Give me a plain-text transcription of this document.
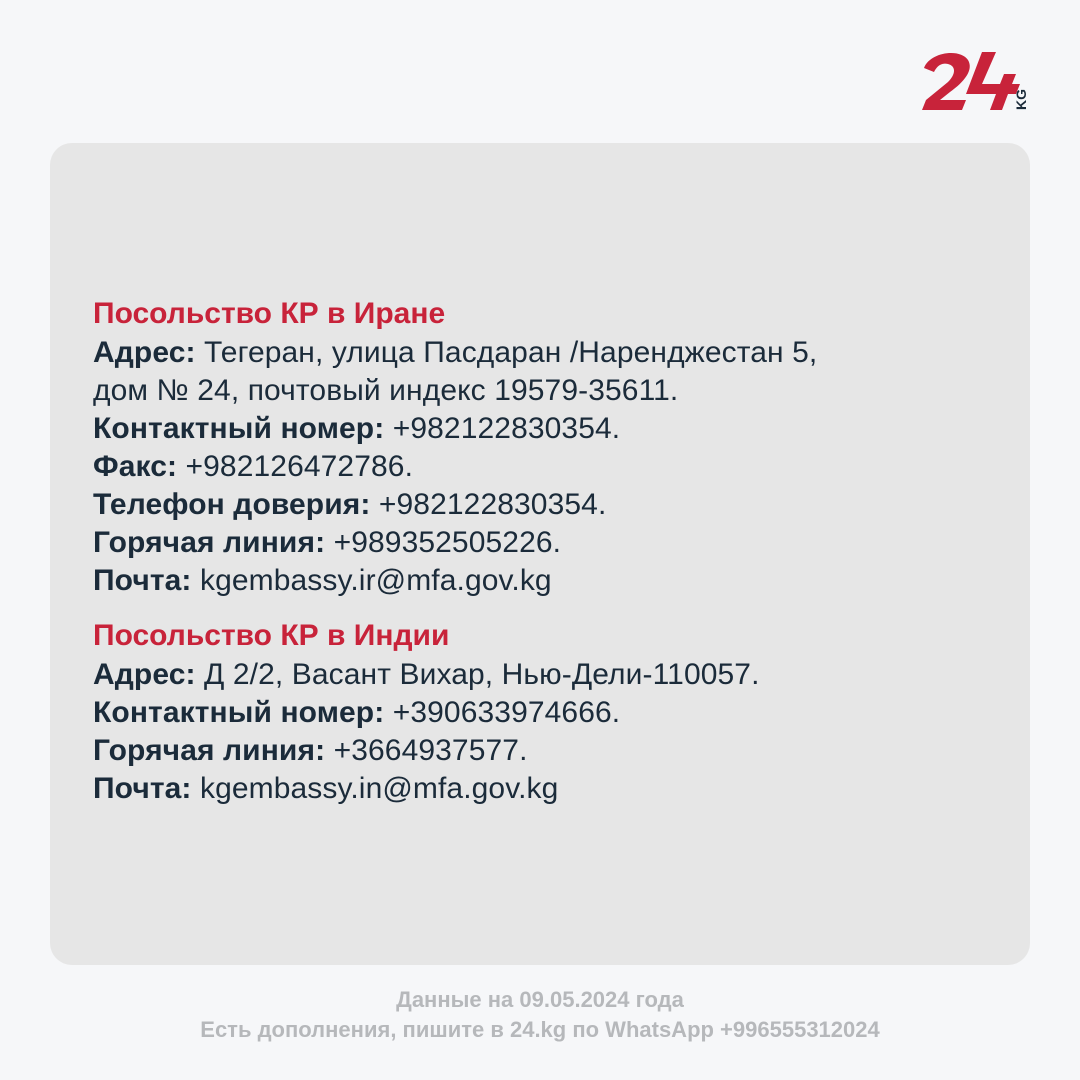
KG

Посольство КР в Иране

Адрес: Тегеран, улица Пасдаран /Наренджестан 5,
дом № 24, почтовый индекс 19579-35611.

Контактный номер: +982122830354.

Факс: +982126472786.

Телефон доверия: +982122830354.

Горячая линия: +989352505226.

Почта: kgembassy.ir@mfa.gov.kg

Посольство КР в Индии

Адрес: Д 2/2, Васант Вихар, Нью-Дели-110057.

Контактный номер: +390633974666.

Горячая линия: +3664937577.

Почта: kgembassy.in@mfa.gov.kg

Данные на 09.05.2024 года
Есть дополнения, пишите в 24.kg по WhatsApp +996555312024
